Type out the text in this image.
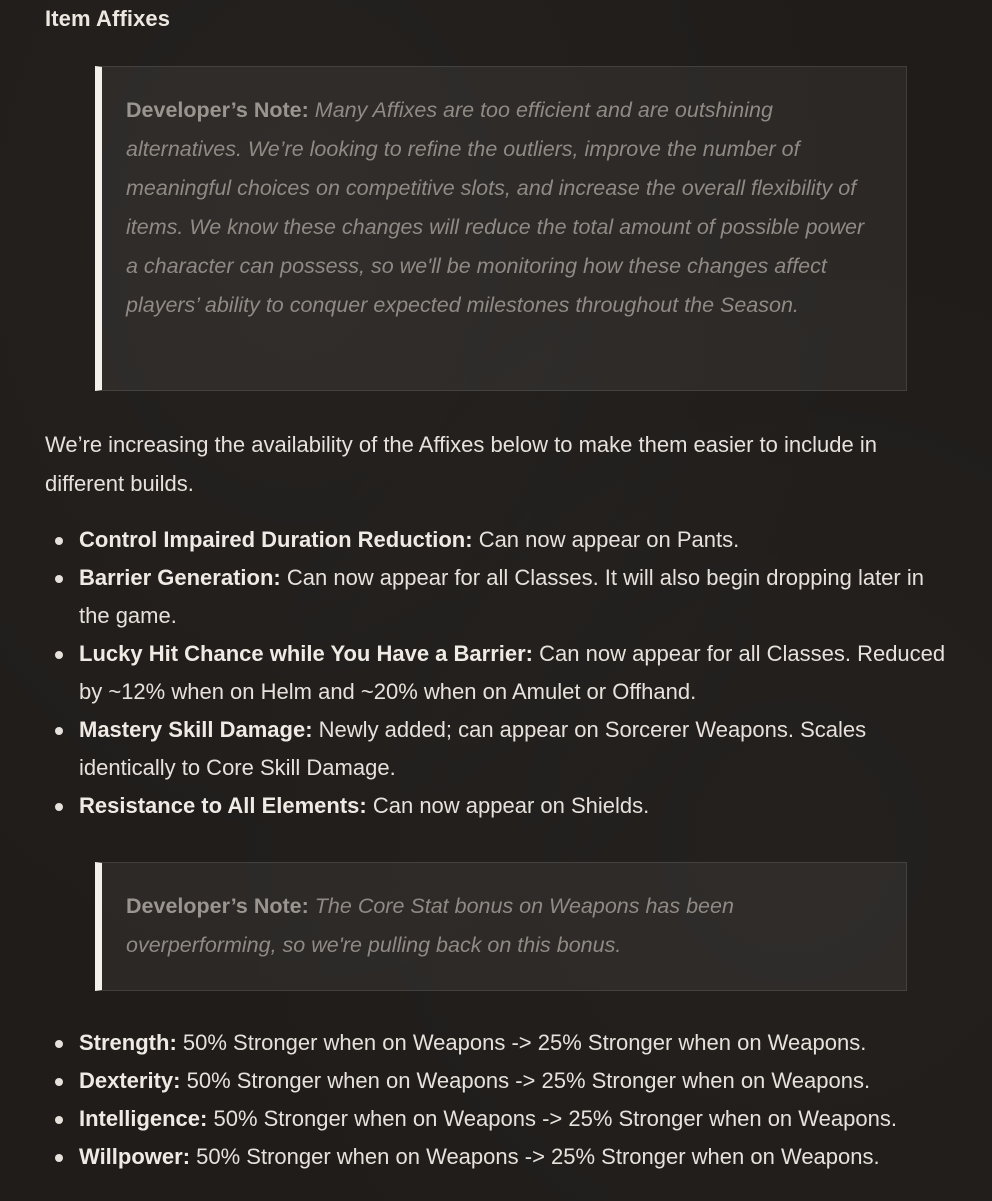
Item Affixes
Developer’s Note: Many Affixes are too efficient and are outshining alternatives. We’re looking to refine the outliers, improve the number of meaningful choices on competitive slots, and increase the overall flexibility of items. We know these changes will reduce the total amount of possible power a character can possess, so we'll be monitoring how these changes affect players’ ability to conquer expected milestones throughout the Season.

We’re increasing the availability of the Affixes below to make them easier to include in different builds.

Control Impaired Duration Reduction: Can now appear on Pants.
Barrier Generation: Can now appear for all Classes. It will also begin dropping later in the game.
Lucky Hit Chance while You Have a Barrier: Can now appear for all Classes. Reduced by ~12% when on Helm and ~20% when on Amulet or Offhand.
Mastery Skill Damage: Newly added; can appear on Sorcerer Weapons. Scales identically to Core Skill Damage.
Resistance to All Elements: Can now appear on Shields.
Developer’s Note: The Core Stat bonus on Weapons has been overperforming, so we're pulling back on this bonus.
Strength: 50% Stronger when on Weapons -> 25% Stronger when on Weapons.
Dexterity: 50% Stronger when on Weapons -> 25% Stronger when on Weapons.
Intelligence: 50% Stronger when on Weapons -> 25% Stronger when on Weapons.
Willpower: 50% Stronger when on Weapons -> 25% Stronger when on Weapons.
